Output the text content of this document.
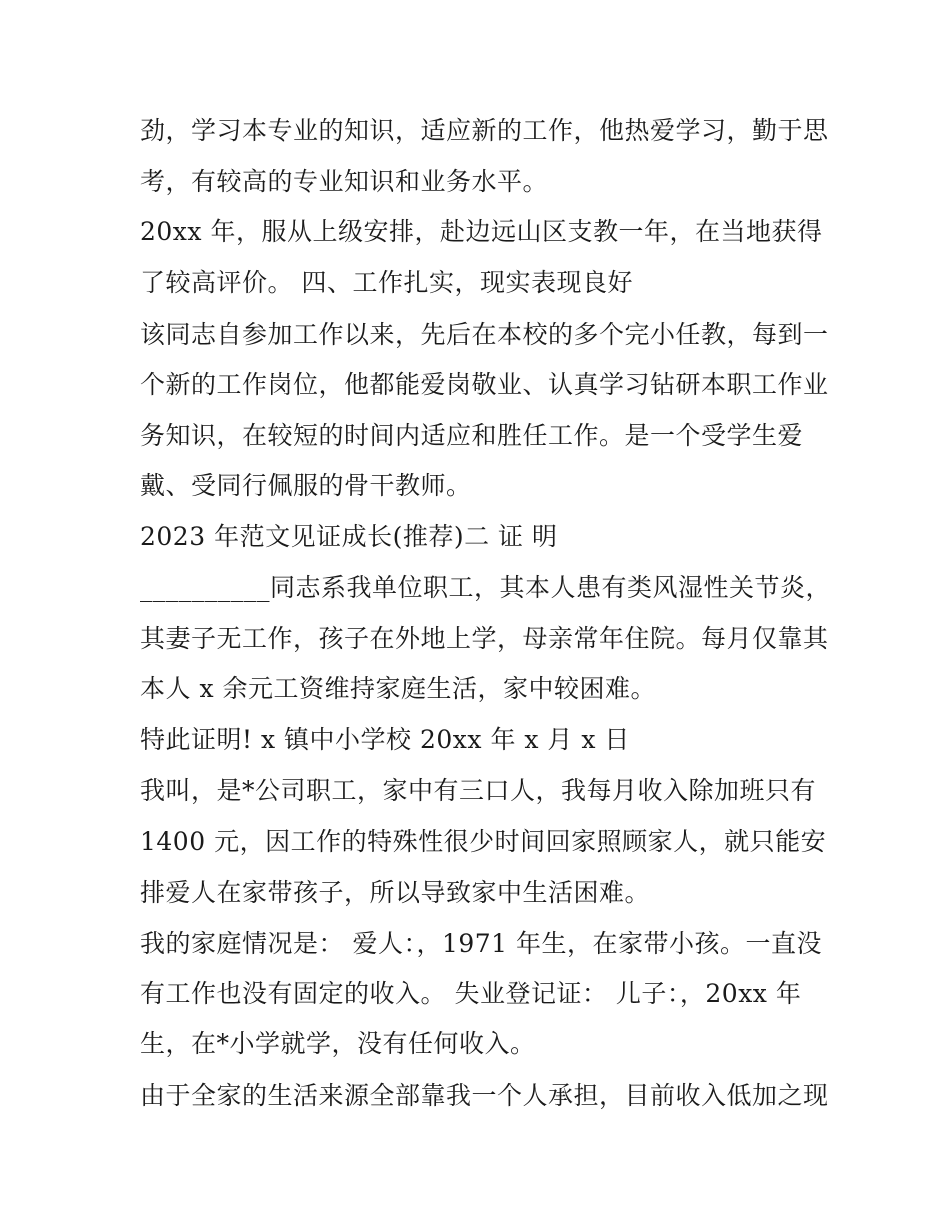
劲，学习本专业的知识，适应新的工作，他热爱学习，勤于思
考，有较高的专业知识和业务水平。
20xx 年，服从上级安排，赴边远山区支教一年，在当地获得
了较高评价。 四、工作扎实，现实表现良好
该同志自参加工作以来，先后在本校的多个完小任教，每到一
个新的工作岗位，他都能爱岗敬业、认真学习钻研本职工作业
务知识，在较短的时间内适应和胜任工作。是一个受学生爱
戴、受同行佩服的骨干教师。
2023 年范文见证成长(推荐)二 证 明
__________同志系我单位职工，其本人患有类风湿性关节炎，
其妻子无工作，孩子在外地上学，母亲常年住院。每月仅靠其
本人 x 余元工资维持家庭生活，家中较困难。
特此证明! x 镇中小学校 20xx 年 x 月 x 日
我叫，是*公司职工，家中有三口人，我每月收入除加班只有
1400 元，因工作的特殊性很少时间回家照顾家人，就只能安
排爱人在家带孩子，所以导致家中生活困难。
我的家庭情况是： 爱人：，1971 年生，在家带小孩。一直没
有工作也没有固定的收入。 失业登记证： 儿子：，20xx 年
生，在*小学就学，没有任何收入。
由于全家的生活来源全部靠我一个人承担，目前收入低加之现
